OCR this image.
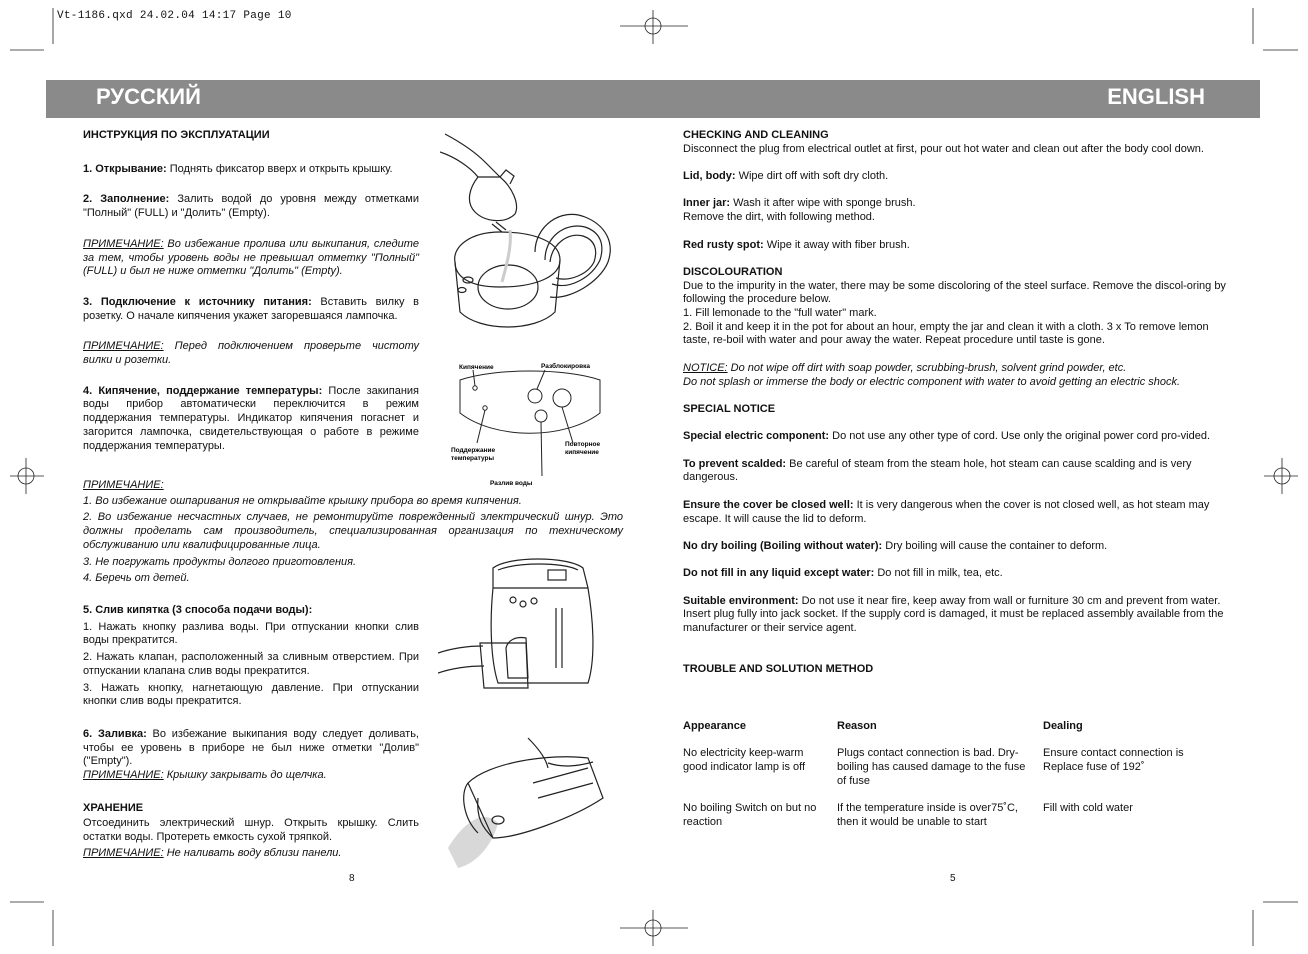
Vt-1186.qxd 24.02.04 14:17 Page 10
РУССКИЙ	ENGLISH

ИНСТРУКЦИЯ ПО ЭКСПЛУАТАЦИИ

1. Открывание: Поднять фиксатор вверх и открыть крышку.

2. Заполнение: Залить водой до уровня между отметками "Полный" (FULL) и "Долить" (Empty).

ПРИМЕЧАНИЕ: Во избежание пролива или выкипания, следите за тем, чтобы уровень воды не превышал отметку "Полный" (FULL) и был не ниже отметки "Долить" (Empty).

3. Подключение к источнику питания: Вставить вилку в розетку. О начале кипячения укажет загоревшаяся лампочка.

ПРИМЕЧАНИЕ: Перед подключением проверьте чистоту вилки и розетки.

4. Кипячение, поддержание температуры: После закипания воды прибор автоматически переключится в режим поддержания температуры. Индикатор кипячения погаснет и загорится лампочка, свидетельствующая о работе в режиме поддержания температуры.

ПРИМЕЧАНИЕ:

1. Во избежание ошпаривания не открывайте крышку прибора во время кипячения.

2. Во избежание несчастных случаев, не ремонтируйте поврежденный электрический шнур. Это должны проделать сам производитель, специализированная организация по техническому обслуживанию или квалифицированные лица.

3. Не погружать продукты долгого приготовления.

4. Беречь от детей.

5. Слив кипятка (3 способа подачи воды):

1. Нажать кнопку разлива воды. При отпускании кнопки слив воды прекратится.

2. Нажать клапан, расположенный за сливным отверстием. При отпускании клапана слив воды прекратится.

3. Нажать кнопку, нагнетающую давление. При отпускании кнопки слив воды прекратится.

6. Заливка: Во избежание выкипания воду следует доливать, чтобы ее уровень в приборе не был ниже отметки "Долив" ("Empty").

ПРИМЕЧАНИЕ: Крышку закрывать до щелчка.

ХРАНЕНИЕ

Отсоединить электрический шнур. Открыть крышку. Слить остатки воды. Протереть емкость сухой тряпкой.

ПРИМЕЧАНИЕ: Не наливать воду вблизи панели.

Кипячение	Разблокировка
Поддержание температуры
Повторное кипячение
Разлив воды
8

CHECKING AND CLEANING

Disconnect the plug from electrical outlet at first, pour out hot water and clean out after the body cool down.

Lid, body: Wipe dirt off with soft dry cloth.

Inner jar: Wash it after wipe with sponge brush.

Remove the dirt, with following method.

Red rusty spot: Wipe it away with fiber brush.

DISCOLOURATION

Due to the impurity in the water, there may be some discoloring of the steel surface. Remove the discol-oring by following the procedure below.

1. Fill lemonade to the "full water" mark.

2. Boil it and keep it in the pot for about an hour, empty the jar and clean it with a cloth. 3 x To remove lemon taste, re-boil with water and pour away the water. Repeat procedure until taste is gone.

NOTICE: Do not wipe off dirt with soap powder, scrubbing-brush, solvent grind powder, etc.

Do not splash or immerse the body or electric component with water to avoid getting an electric shock.

SPECIAL NOTICE

Special electric component: Do not use any other type of cord. Use only the original power cord pro-vided.

To prevent scalded: Be careful of steam from the steam hole, hot steam can cause scalding and is very dangerous.

Ensure the cover be closed well: It is very dangerous when the cover is not closed well, as hot steam may escape. It will cause the lid to deform.

No dry boiling (Boiling without water): Dry boiling will cause the container to deform.

Do not fill in any liquid except water: Do not fill in milk, tea, etc.

Suitable environment: Do not use it near fire, keep away from wall or furniture 30 cm and prevent from water. Insert plug fully into jack socket. If the supply cord is damaged, it must be replaced assembly available from the manufacturer or their service agent.

TROUBLE AND SOLUTION METHOD

Appearance	Reason	Dealing
No electricity keep-warm good indicator lamp is off	Plugs contact connection is bad. Dry-boiling has caused damage to the fuse of fuse	Ensure contact connection is Replace fuse of 192˚
No boiling Switch on but no reaction	If the temperature inside is over75˚C, then it would be unable to start	Fill with cold water
5
